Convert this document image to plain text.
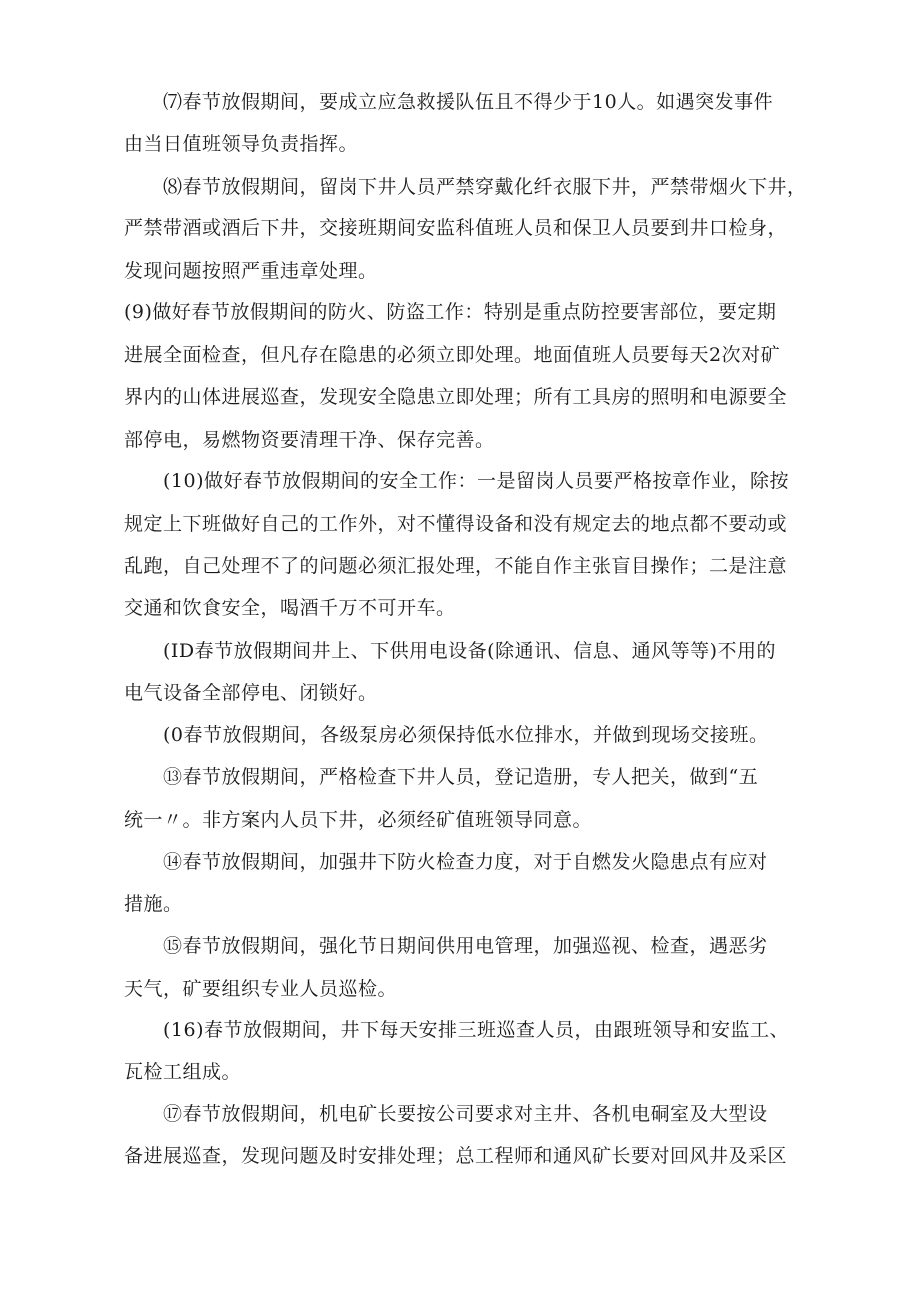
⑺春节放假期间，要成立应急救援队伍且不得少于10人。如遇突发事件
由当日值班领导负责指挥。
⑻春节放假期间，留岗下井人员严禁穿戴化纤衣服下井，严禁带烟火下井，
严禁带酒或酒后下井，交接班期间安监科值班人员和保卫人员要到井口检身，
发现问题按照严重违章处理。
(9)做好春节放假期间的防火、防盗工作：特别是重点防控要害部位，要定期
进展全面检查，但凡存在隐患的必须立即处理。地面值班人员要每天2次对矿
界内的山体进展巡查，发现安全隐患立即处理；所有工具房的照明和电源要全
部停电，易燃物资要清理干净、保存完善。
(10)做好春节放假期间的安全工作：一是留岗人员要严格按章作业，除按
规定上下班做好自己的工作外，对不懂得设备和没有规定去的地点都不要动或
乱跑，自己处理不了的问题必须汇报处理，不能自作主张盲目操作；二是注意
交通和饮食安全，喝酒千万不可开车。
(ID春节放假期间井上、下供用电设备(除通讯、信息、通风等等)不用的
电气设备全部停电、闭锁好。
(0春节放假期间，各级泵房必须保持低水位排水，并做到现场交接班。
⑬春节放假期间，严格检查下井人员，登记造册，专人把关，做到“五
统一〃。非方案内人员下井，必须经矿值班领导同意。
⑭春节放假期间，加强井下防火检查力度，对于自燃发火隐患点有应对
措施。
⑮春节放假期间，强化节日期间供用电管理，加强巡视、检查，遇恶劣
天气，矿要组织专业人员巡检。
(16)春节放假期间，井下每天安排三班巡查人员，由跟班领导和安监工、
瓦检工组成。
⑰春节放假期间，机电矿长要按公司要求对主井、各机电硐室及大型设
备进展巡查，发现问题及时安排处理；总工程师和通风矿长要对回风井及采区
